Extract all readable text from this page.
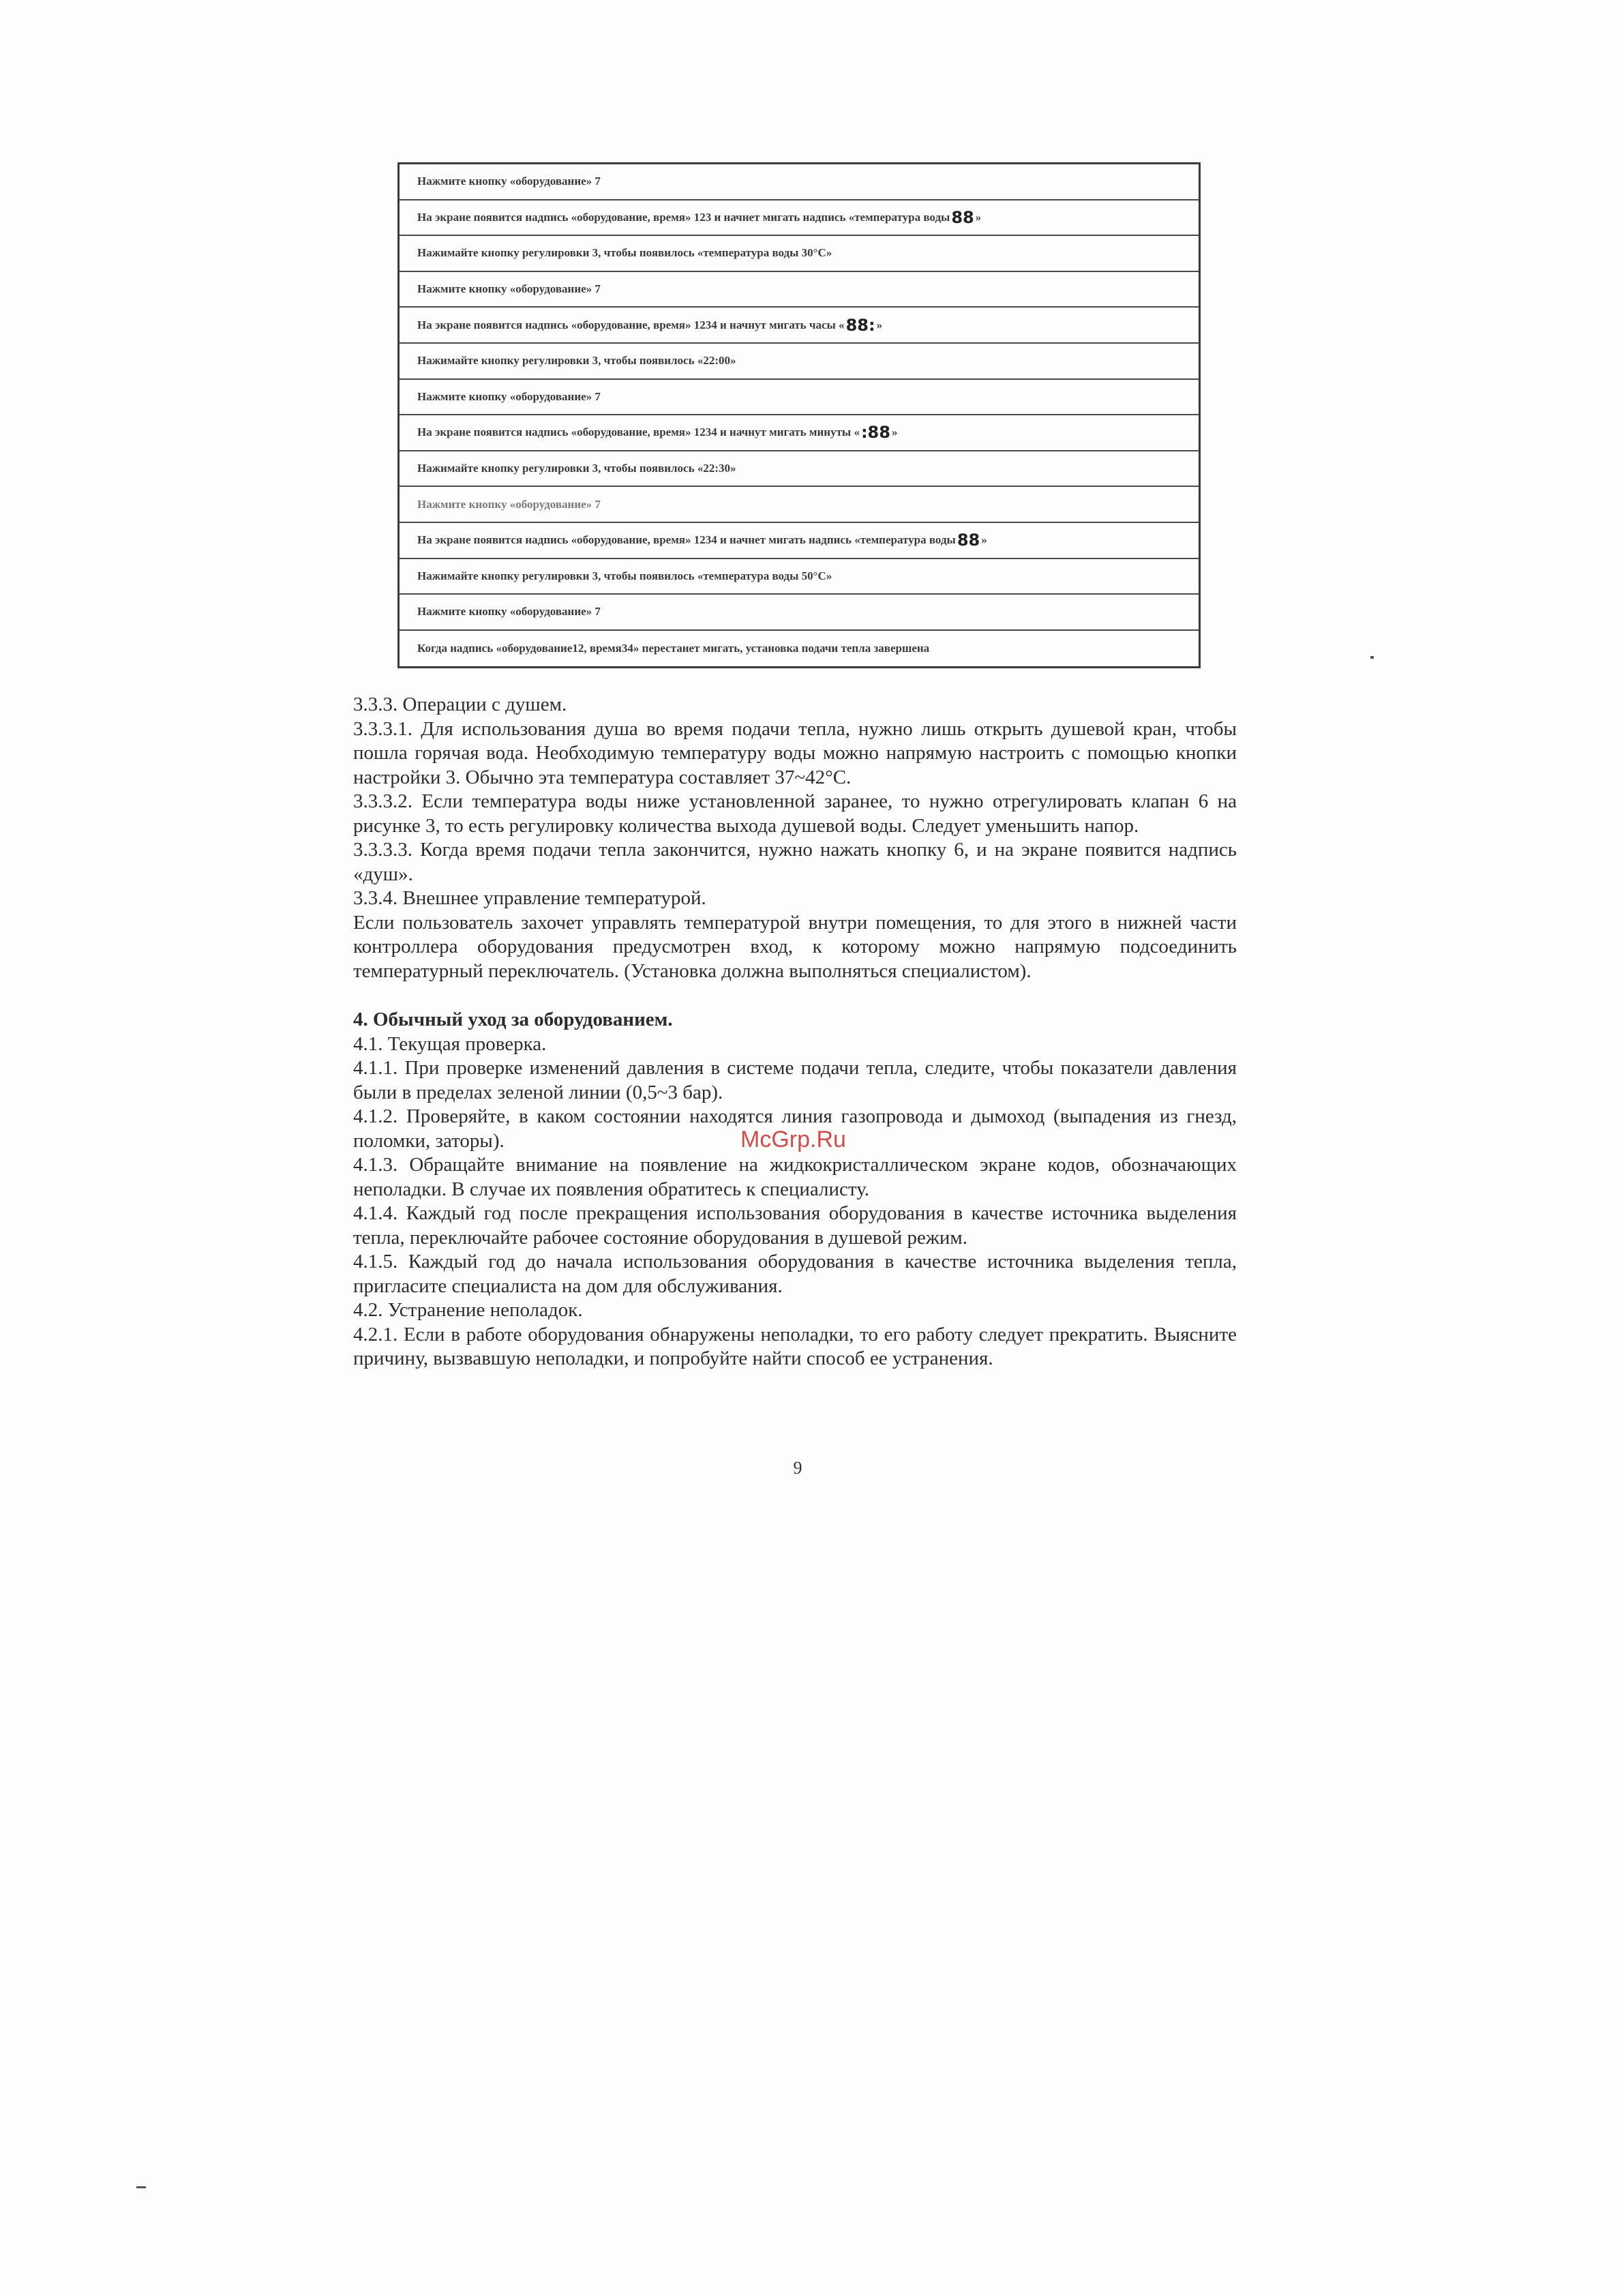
Нажмите кнопку «оборудование» 7
На экране появится надпись «оборудование, время» 123 и начнет мигать надпись «температура воды 88 »
Нажимайте кнопку регулировки 3, чтобы появилось «температура воды 30°С»
Нажмите кнопку «оборудование» 7
На экране появится надпись «оборудование, время» 1234 и начнут мигать часы « 88: »
Нажимайте кнопку регулировки 3, чтобы появилось «22:00»
Нажмите кнопку «оборудование» 7
На экране появится надпись «оборудование, время» 1234 и начнут мигать минуты « :88 »
Нажимайте кнопку регулировки 3, чтобы появилось «22:30»
Нажмите кнопку «оборудование» 7
На экране появится надпись «оборудование, время» 1234 и начнет мигать надпись «температура воды 88 »
Нажимайте кнопку регулировки 3, чтобы появилось «температура воды 50°С»
Нажмите кнопку «оборудование» 7
Когда надпись «оборудование12, время34» перестанет мигать, установка подачи тепла завершена

3.3.3. Операции с душем.

3.3.3.1. Для использования душа во время подачи тепла, нужно лишь открыть душевой кран, чтобы пошла горячая вода. Необходимую температуру воды можно напрямую настроить с помощью кнопки настройки 3. Обычно эта температура составляет 37~42°С.

3.3.3.2. Если температура воды ниже установленной заранее, то нужно отрегулировать клапан 6 на рисунке 3, то есть регулировку количества выхода душевой воды. Следует уменьшить напор.

3.3.3.3. Когда время подачи тепла закончится, нужно нажать кнопку 6, и на экране появится надпись «душ».

3.3.4. Внешнее управление температурой.

Если пользователь захочет управлять температурой внутри помещения, то для этого в нижней части контроллера оборудования предусмотрен вход, к которому можно напрямую подсоединить температурный переключатель. (Установка должна выполняться специалистом).

4. Обычный уход за оборудованием.

4.1. Текущая проверка.

4.1.1. При проверке изменений давления в системе подачи тепла, следите, чтобы показатели давления были в пределах зеленой линии (0,5~3 бар).

4.1.2. Проверяйте, в каком состоянии находятся линия газопровода и дымоход (выпадения из гнезд, поломки, заторы).

4.1.3. Обращайте внимание на появление на жидкокристаллическом экране кодов, обозначающих неполадки. В случае их появления обратитесь к специалисту.

4.1.4. Каждый год после прекращения использования оборудования в качестве источника выделения тепла, переключайте рабочее состояние оборудования в душевой режим.

4.1.5. Каждый год до начала использования оборудования в качестве источника выделения тепла, пригласите специалиста на дом для обслуживания.

4.2. Устранение неполадок.

4.2.1. Если в работе оборудования обнаружены неполадки, то его работу следует прекратить. Выясните причину, вызвавшую неполадки, и попробуйте найти способ ее устранения.

McGrp.Ru
9
